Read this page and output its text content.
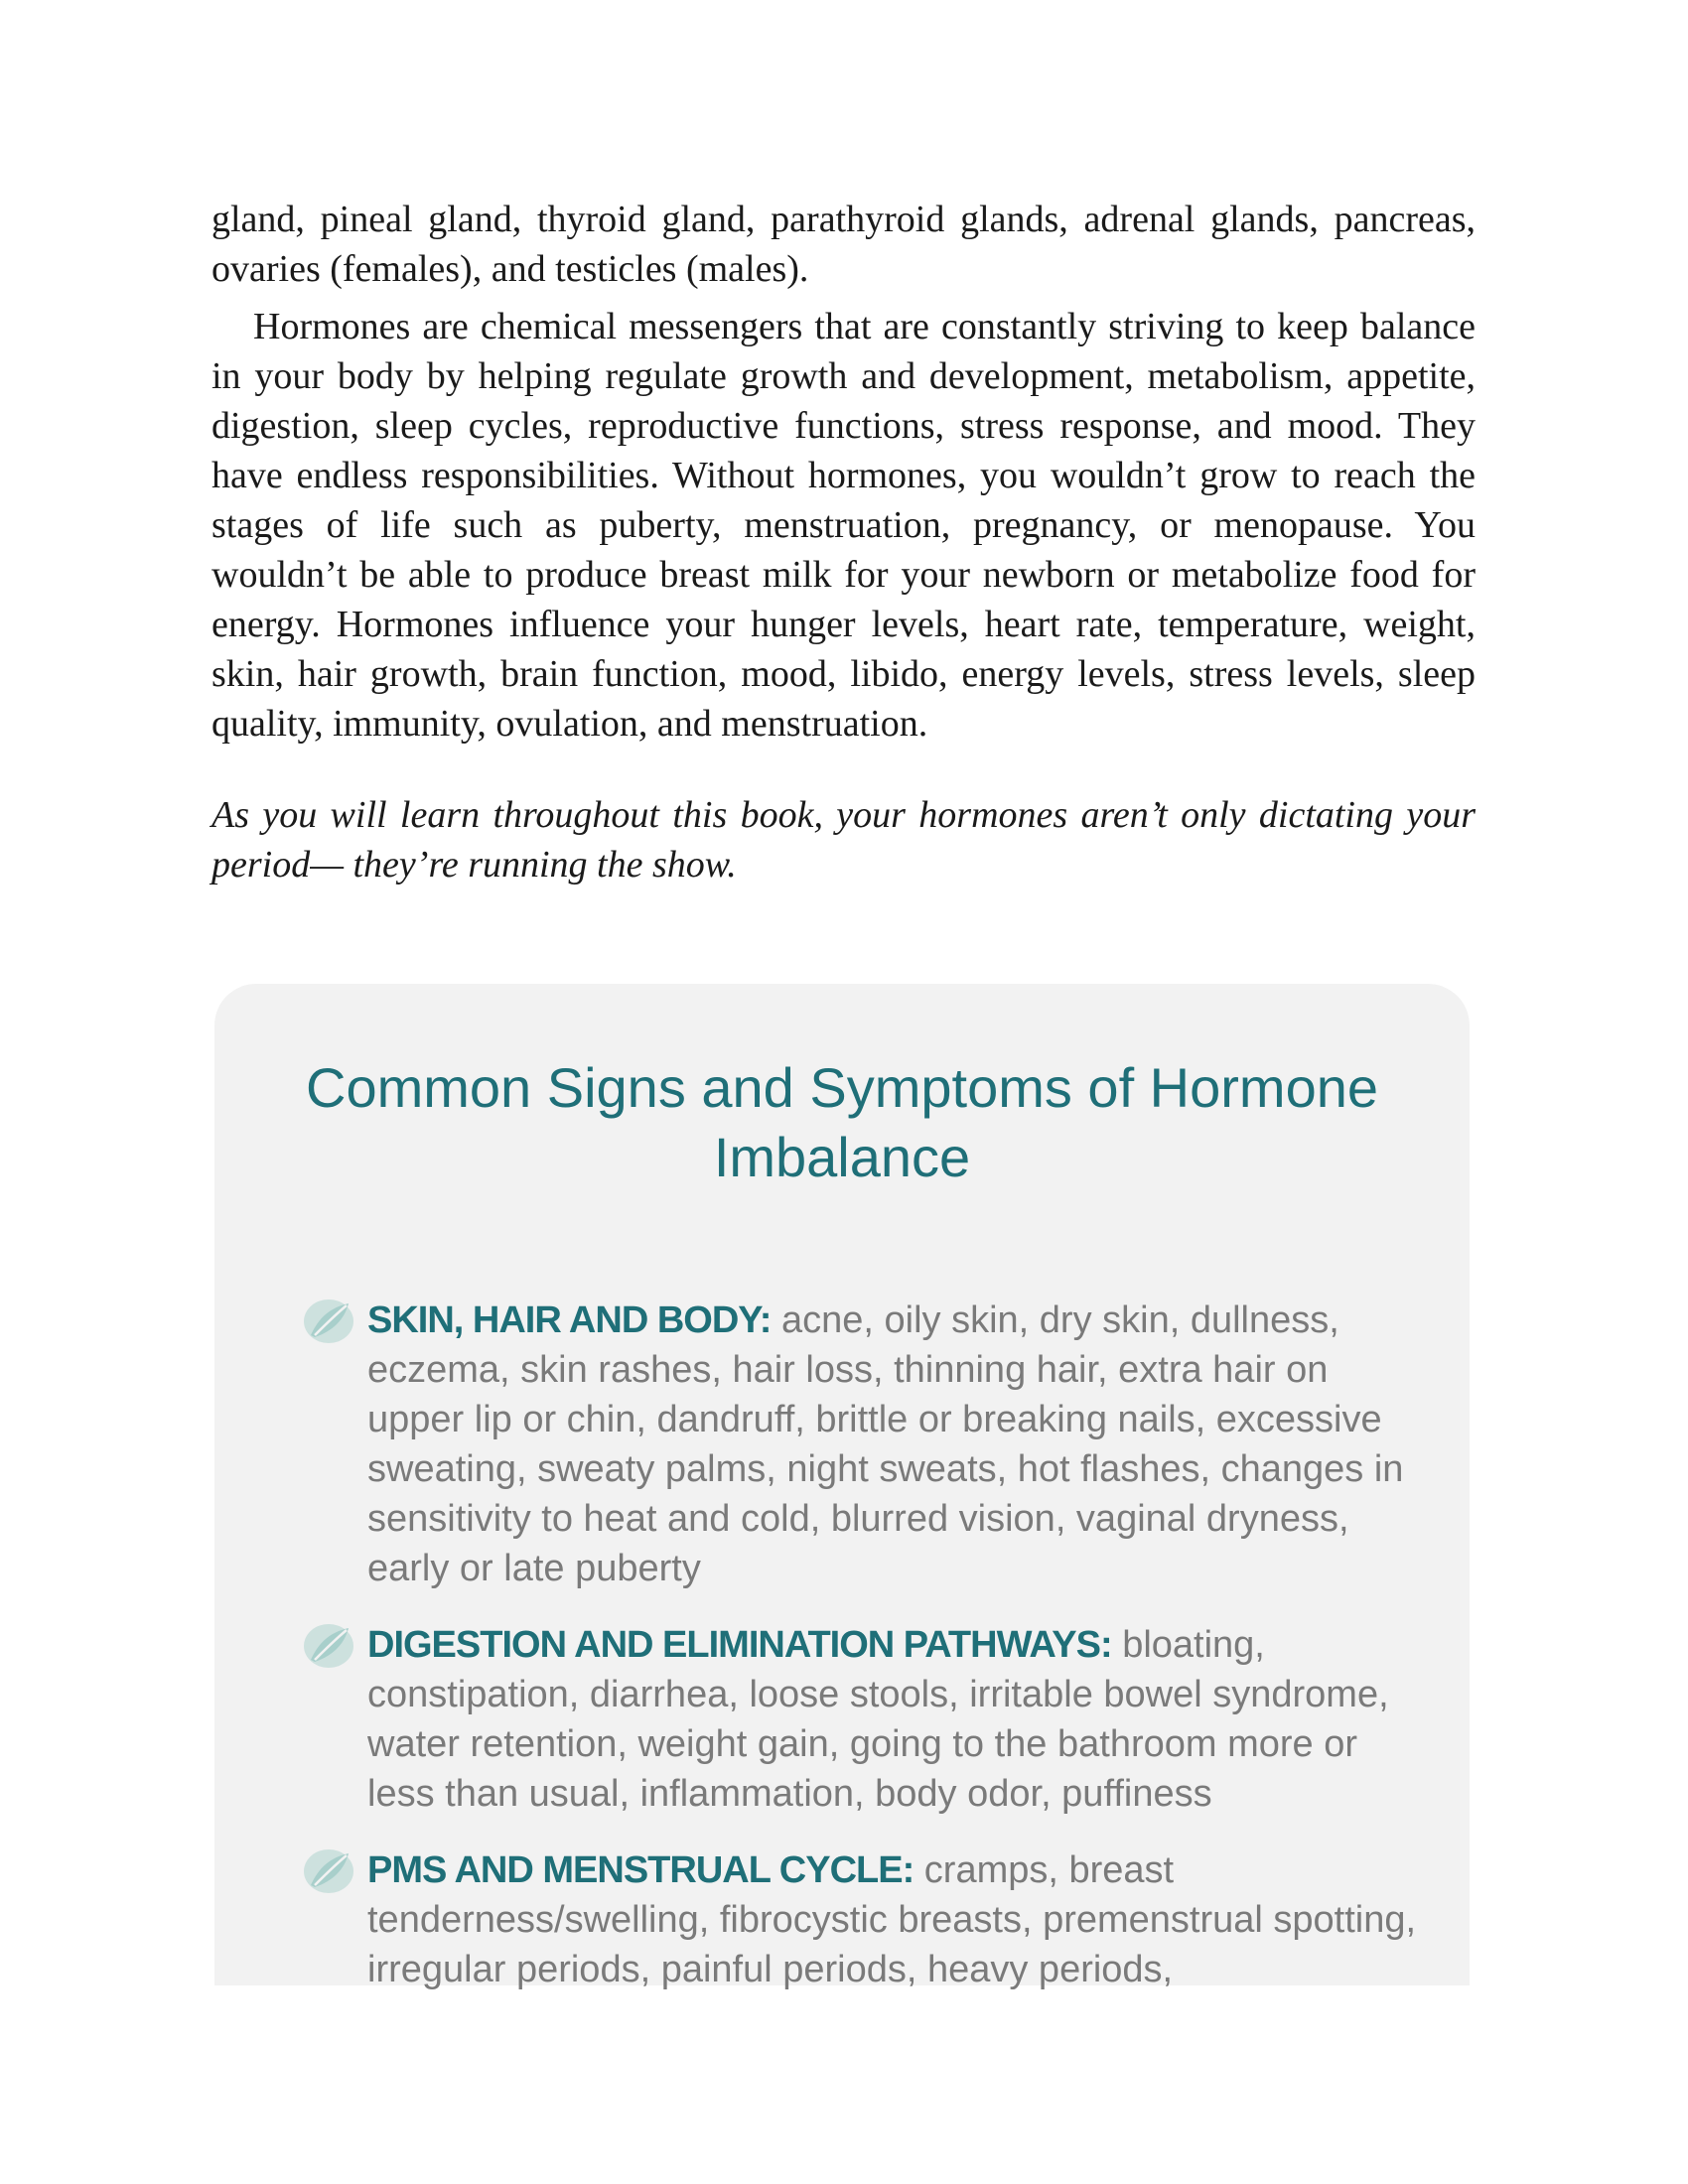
gland, pineal gland, thyroid gland, parathyroid glands, adrenal glands, pancreas, ovaries (females), and testicles (males).

Hormones are chemical messengers that are constantly striving to keep balance in your body by helping regulate growth and development, metabolism, appetite, digestion, sleep cycles, reproductive functions, stress response, and mood. They have endless responsibilities. Without hormones, you wouldn’t grow to reach the stages of life such as puberty, menstruation, pregnancy, or menopause. You wouldn’t be able to produce breast milk for your newborn or metabolize food for energy. Hormones influence your hunger levels, heart rate, temperature, weight, skin, hair growth, brain function, mood, libido, energy levels, stress levels, sleep quality, immunity, ovulation, and menstruation.

As you will learn throughout this book, your hormones aren’t only dictating your period— they’re running the show.

Common Signs and Symptoms of Hormone Imbalance
SKIN, HAIR AND BODY: acne, oily skin, dry skin, dullness, eczema, skin rashes, hair loss, thinning hair, extra hair on upper lip or chin, dandruff, brittle or breaking nails, excessive sweating, sweaty palms, night sweats, hot flashes, changes in sensitivity to heat and cold, blurred vision, vaginal dryness, early or late puberty
DIGESTION AND ELIMINATION PATHWAYS: bloating, constipation, diarrhea, loose stools, irritable bowel syndrome, water retention, weight gain, going to the bathroom more or less than usual, inflammation, body odor, puffiness
PMS AND MENSTRUAL CYCLE: cramps, breast tenderness/swelling, fibrocystic breasts, premenstrual spotting, irregular periods, painful periods, heavy periods,
